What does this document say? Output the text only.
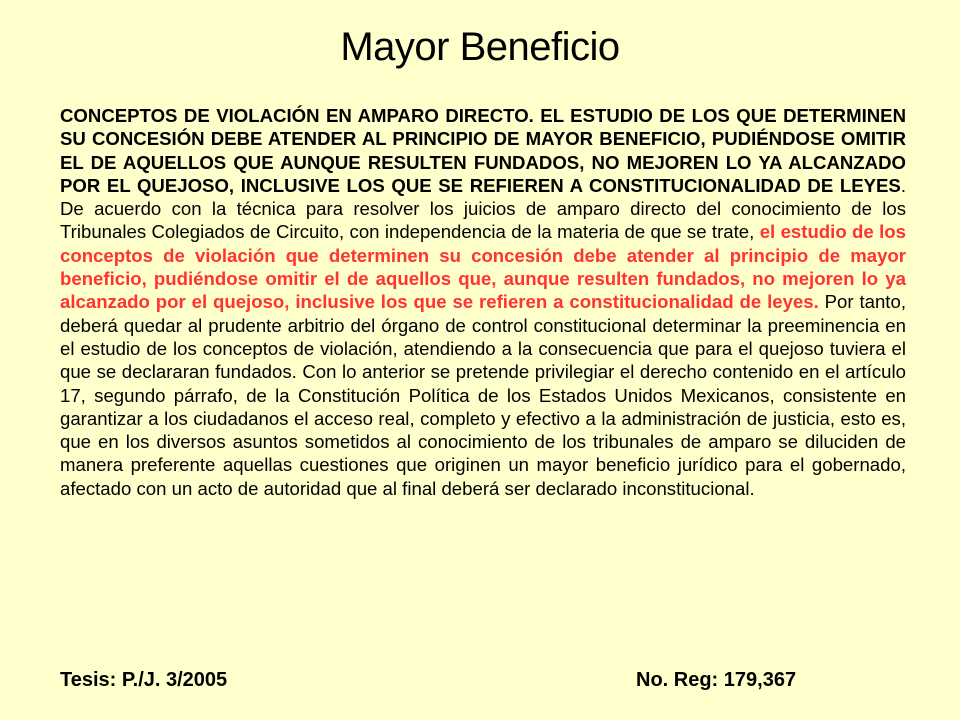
Mayor Beneficio
CONCEPTOS DE VIOLACIÓN EN AMPARO DIRECTO. EL ESTUDIO DE LOS QUE DETERMINEN SU CONCESIÓN DEBE ATENDER AL PRINCIPIO DE MAYOR BENEFICIO, PUDIÉNDOSE OMITIR EL DE AQUELLOS QUE AUNQUE RESULTEN FUNDADOS, NO MEJOREN LO YA ALCANZADO POR EL QUEJOSO, INCLUSIVE LOS QUE SE REFIEREN A CONSTITUCIONALIDAD DE LEYES. De acuerdo con la técnica para resolver los juicios de amparo directo del conocimiento de los Tribunales Colegiados de Circuito, con independencia de la materia de que se trate, el estudio de los conceptos de violación que determinen su concesión debe atender al principio de mayor beneficio, pudiéndose omitir el de aquellos que, aunque resulten fundados, no mejoren lo ya alcanzado por el quejoso, inclusive los que se refieren a constitucionalidad de leyes. Por tanto, deberá quedar al prudente arbitrio del órgano de control constitucional determinar la preeminencia en el estudio de los conceptos de violación, atendiendo a la consecuencia que para el quejoso tuviera el que se declararan fundados. Con lo anterior se pretende privilegiar el derecho contenido en el artículo 17, segundo párrafo, de la Constitución Política de los Estados Unidos Mexicanos, consistente en garantizar a los ciudadanos el acceso real, completo y efectivo a la administración de justicia, esto es, que en los diversos asuntos sometidos al conocimiento de los tribunales de amparo se diluciden de manera preferente aquellas cuestiones que originen un mayor beneficio jurídico para el gobernado, afectado con un acto de autoridad que al final deberá ser declarado inconstitucional.
Tesis: P./J. 3/2005	No. Reg: 179,367
